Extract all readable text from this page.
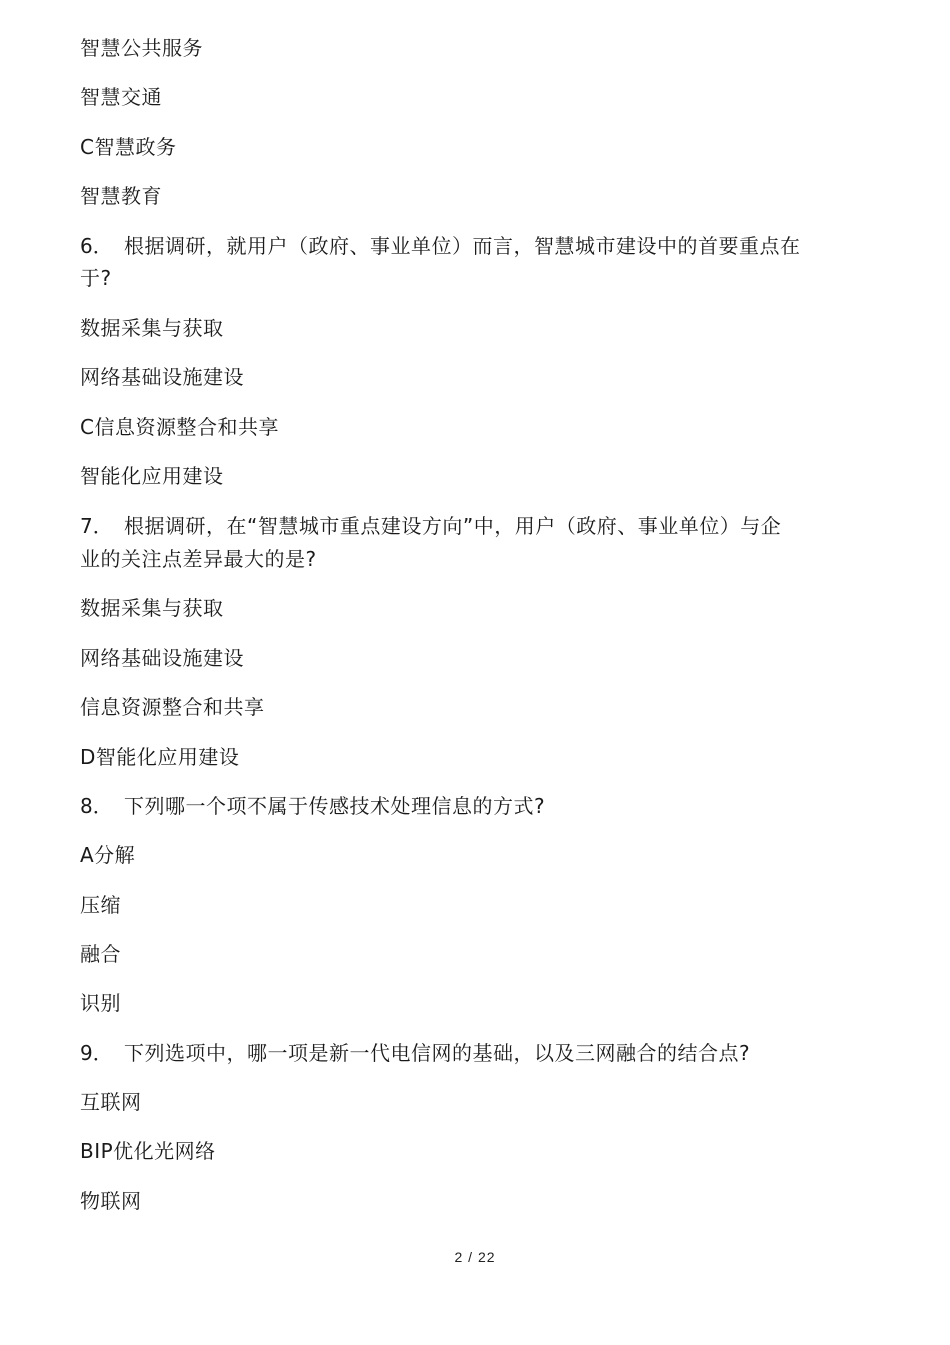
智慧公共服务
智慧交通
C智慧政务
智慧教育
6． 根据调研，就用户（政府、事业单位）而言，智慧城市建设中的首要重点在
于?
数据采集与获取
网络基础设施建设
C信息资源整合和共享
智能化应用建设
7． 根据调研，在“智慧城市重点建设方向”中，用户（政府、事业单位）与企
业的关注点差异最大的是?
数据采集与获取
网络基础设施建设
信息资源整合和共享
D智能化应用建设
8． 下列哪一个项不属于传感技术处理信息的方式?
A分解
压缩
融合
识别
9． 下列选项中，哪一项是新一代电信网的基础，以及三网融合的结合点?
互联网
BIP优化光网络
物联网
2 / 22
